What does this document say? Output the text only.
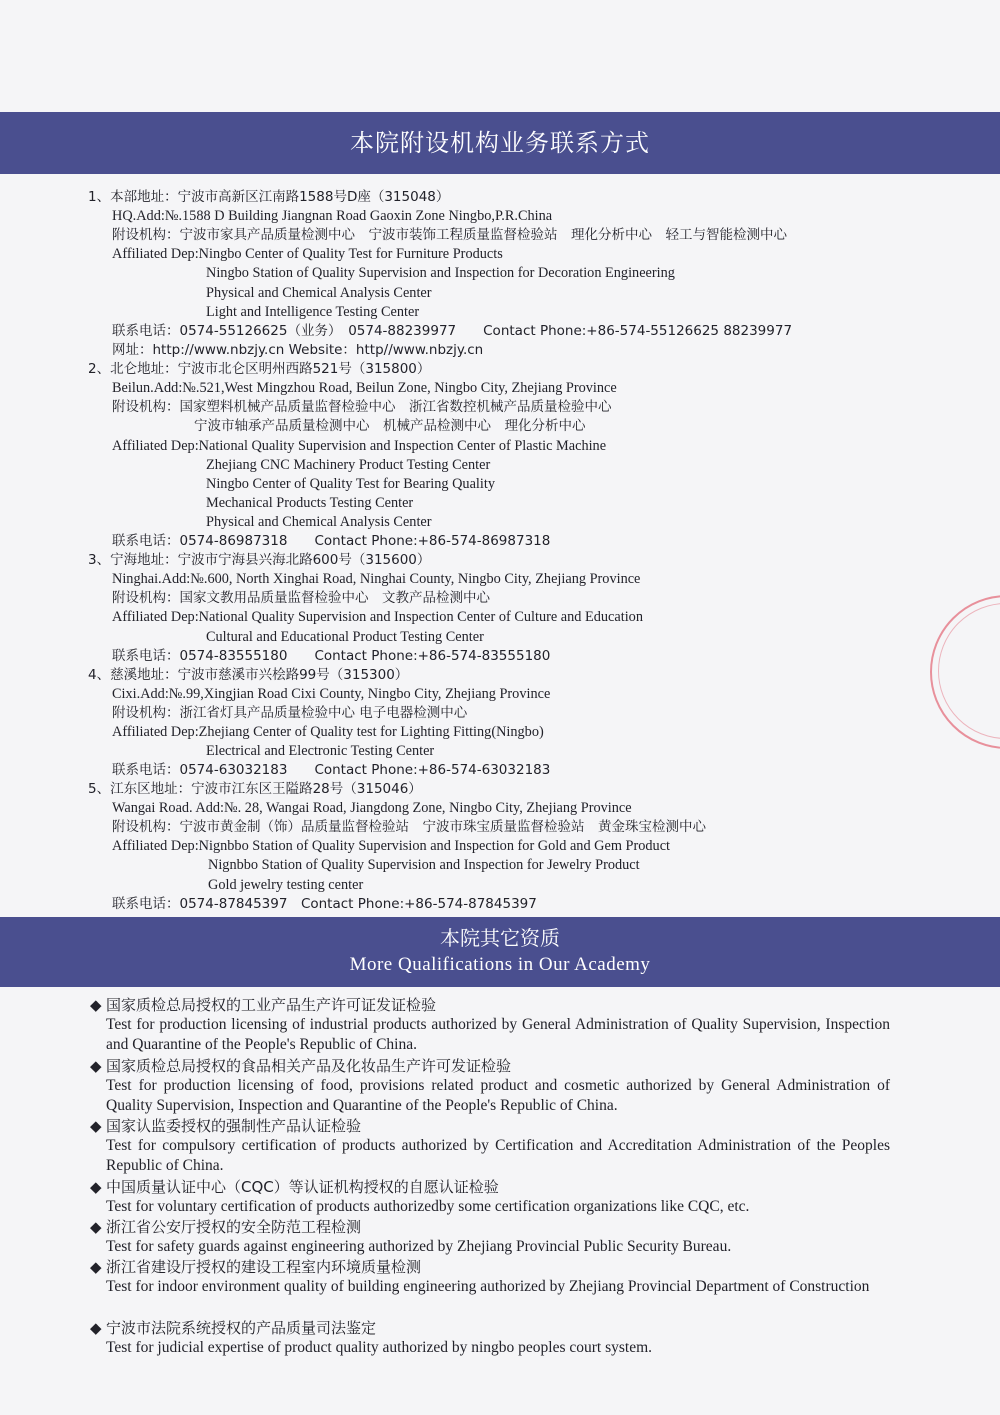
本院附设机构业务联系方式
1、本部地址：宁波市高新区江南路1588号D座（315048）
HQ.Add:№.1588 D Building Jiangnan Road Gaoxin Zone Ningbo,P.R.China
附设机构：宁波市家具产品质量检测中心　宁波市装饰工程质量监督检验站　理化分析中心　轻工与智能检测中心
Affiliated Dep:Ningbo Center of Quality Test for Furniture Products
Ningbo Station of Quality Supervision and Inspection for Decoration Engineering
Physical and Chemical Analysis Center
Light and Intelligence Testing Center
联系电话：0574-55126625（业务）　0574-88239977　　Contact Phone:+86-574-55126625 88239977
网址：http://www.nbzjy.cn Website：http//www.nbzjy.cn
2、北仑地址：宁波市北仑区明州西路521号（315800）
Beilun.Add:№.521,West Mingzhou Road, Beilun Zone, Ningbo City, Zhejiang Province
附设机构：国家塑料机械产品质量监督检验中心　浙江省数控机械产品质量检验中心
宁波市轴承产品质量检测中心　机械产品检测中心　理化分析中心
Affiliated Dep:National Quality Supervision and Inspection Center of Plastic Machine
Zhejiang CNC Machinery Product Testing Center
Ningbo Center of Quality Test for Bearing Quality
Mechanical Products Testing Center
Physical and Chemical Analysis Center
联系电话：0574-86987318　　Contact Phone:+86-574-86987318
3、宁海地址：宁波市宁海县兴海北路600号（315600）
Ninghai.Add:№.600, North Xinghai Road, Ninghai County, Ningbo City, Zhejiang Province
附设机构：国家文教用品质量监督检验中心　文教产品检测中心
Affiliated Dep:National Quality Supervision and Inspection Center of Culture and Education
Cultural and Educational Product Testing Center
联系电话：0574-83555180　　Contact Phone:+86-574-83555180
4、慈溪地址：宁波市慈溪市兴桧路99号（315300）
Cixi.Add:№.99,Xingjian Road Cixi County, Ningbo City, Zhejiang Province
附设机构：浙江省灯具产品质量检验中心 电子电器检测中心
Affiliated Dep:Zhejiang Center of Quality test for Lighting Fitting(Ningbo)
Electrical and Electronic Testing Center
联系电话：0574-63032183　　Contact Phone:+86-574-63032183
5、江东区地址：宁波市江东区王隘路28号（315046）
Wangai Road. Add:№. 28, Wangai Road, Jiangdong Zone, Ningbo City, Zhejiang Province
附设机构：宁波市黄金制（饰）品质量监督检验站　宁波市珠宝质量监督检验站　黄金珠宝检测中心
Affiliated Dep:Nignbbo Station of Quality Supervision and Inspection for Gold and Gem Product
Nignbbo Station of Quality Supervision and Inspection for Jewelry Product
Gold jewelry testing center
联系电话：0574-87845397　Contact Phone:+86-574-87845397
本院其它资质
More Qualifications in Our Academy
◆ 国家质检总局授权的工业产品生产许可证发证检验
Test for production licensing of industrial products authorized by General Administration of Quality Supervision, Inspection and Quarantine of the People's Republic of China.
◆ 国家质检总局授权的食品相关产品及化妆品生产许可发证检验
Test for production licensing of food, provisions related product and cosmetic authorized by General Administration of Quality Supervision, Inspection and Quarantine of the People's Republic of China.
◆ 国家认监委授权的强制性产品认证检验
Test for compulsory certification of products authorized by Certification and Accreditation Administration of the Peoples Republic of China.
◆ 中国质量认证中心（CQC）等认证机构授权的自愿认证检验
Test for voluntary certification of products authorizedby some certification organizations like CQC, etc.
◆ 浙江省公安厅授权的安全防范工程检测
Test for safety guards against engineering authorized by Zhejiang Provincial Public Security Bureau.
◆ 浙江省建设厅授权的建设工程室内环境质量检测
Test for indoor environment quality of building engineering authorized by Zhejiang Provincial Department of Construction
◆ 宁波市法院系统授权的产品质量司法鉴定
Test for judicial expertise of product quality authorized by ningbo peoples court system.
